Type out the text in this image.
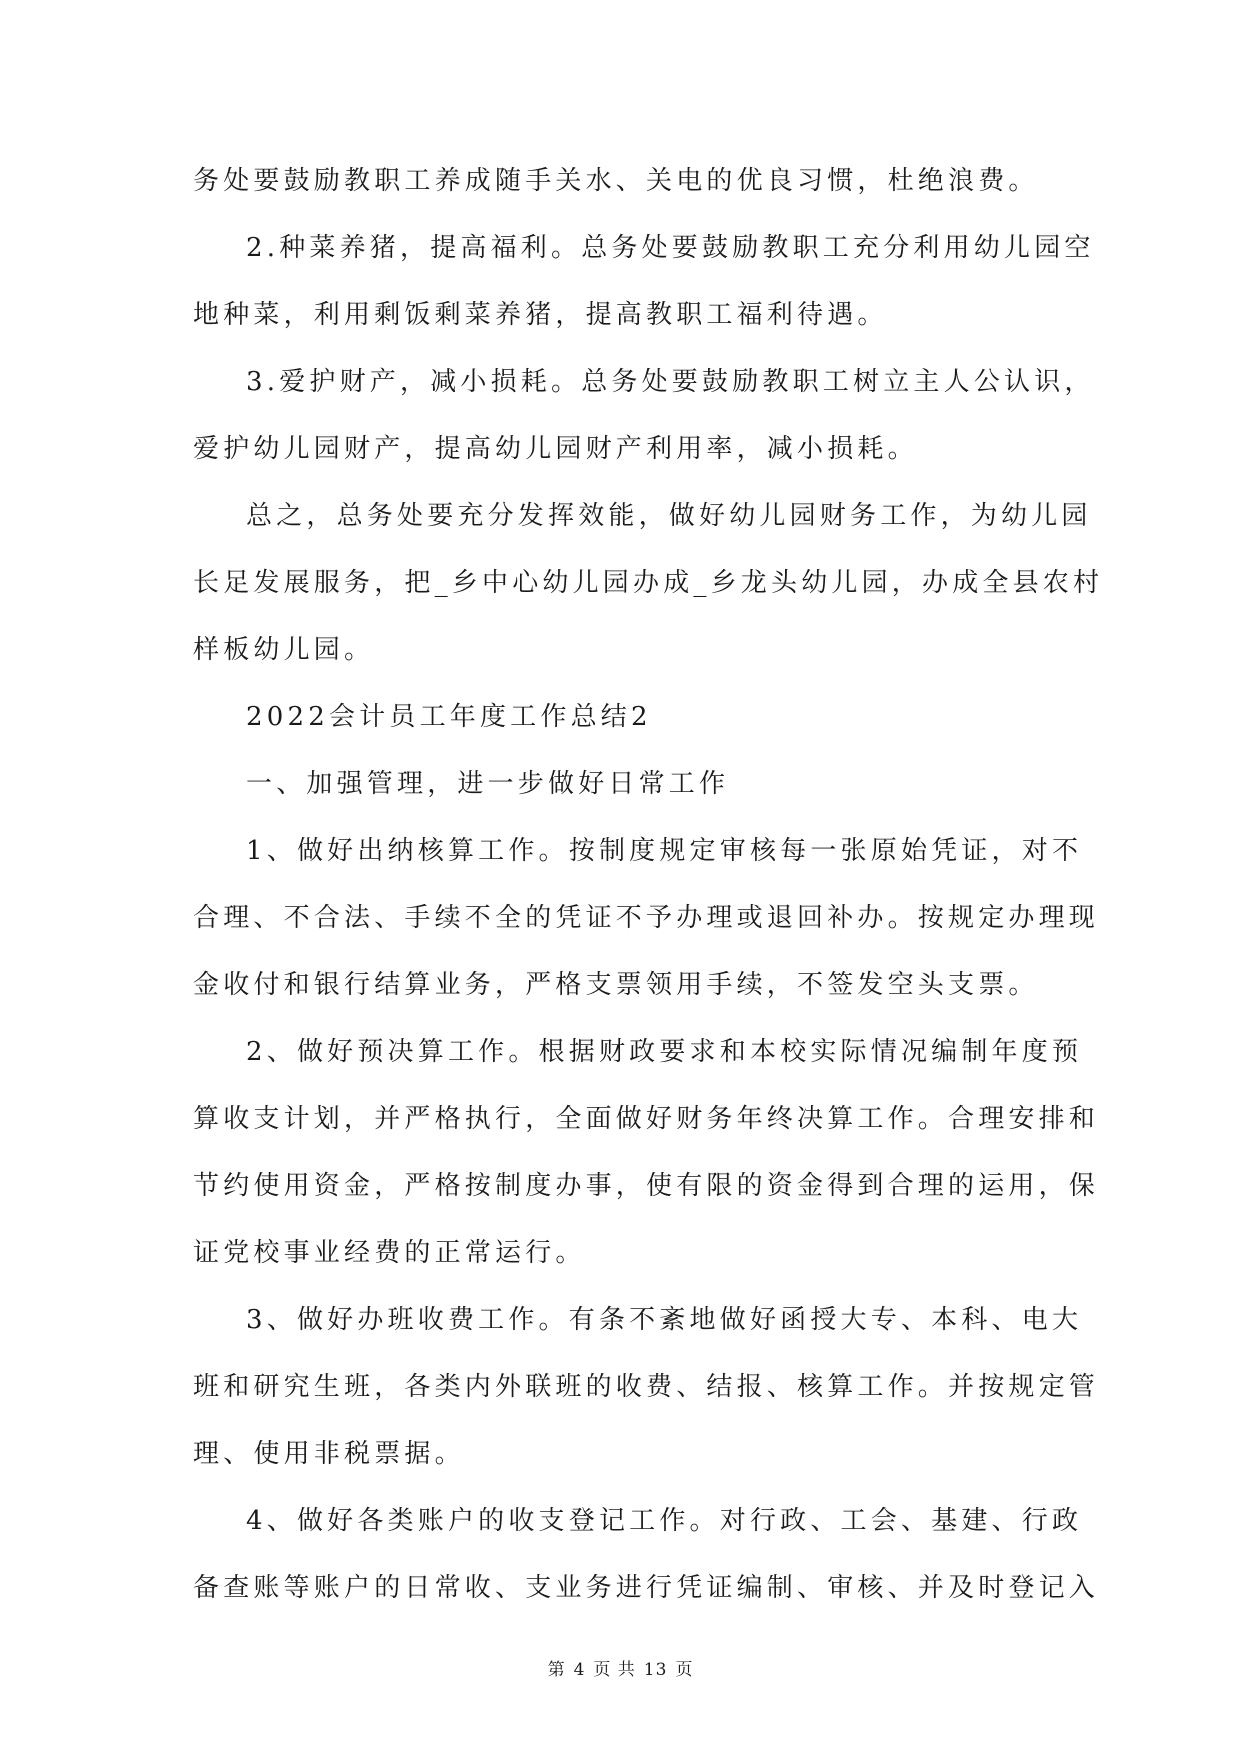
务处要鼓励教职工养成随手关水、关电的优良习惯，杜绝浪费。
2.种菜养猪，提高福利。总务处要鼓励教职工充分利用幼儿园空
地种菜，利用剩饭剩菜养猪，提高教职工福利待遇。
3.爱护财产，减小损耗。总务处要鼓励教职工树立主人公认识，
爱护幼儿园财产，提高幼儿园财产利用率，减小损耗。
总之，总务处要充分发挥效能，做好幼儿园财务工作，为幼儿园
长足发展服务，把_乡中心幼儿园办成_乡龙头幼儿园，办成全县农村
样板幼儿园。
2022会计员工年度工作总结2
一、加强管理，进一步做好日常工作
1、做好出纳核算工作。按制度规定审核每一张原始凭证，对不
合理、不合法、手续不全的凭证不予办理或退回补办。按规定办理现
金收付和银行结算业务，严格支票领用手续，不签发空头支票。
2、做好预决算工作。根据财政要求和本校实际情况编制年度预
算收支计划，并严格执行，全面做好财务年终决算工作。合理安排和
节约使用资金，严格按制度办事，使有限的资金得到合理的运用，保
证党校事业经费的正常运行。
3、做好办班收费工作。有条不紊地做好函授大专、本科、电大
班和研究生班，各类内外联班的收费、结报、核算工作。并按规定管
理、使用非税票据。
4、做好各类账户的收支登记工作。对行政、工会、基建、行政
备查账等账户的日常收、支业务进行凭证编制、审核、并及时登记入
第 4 页 共 13 页
